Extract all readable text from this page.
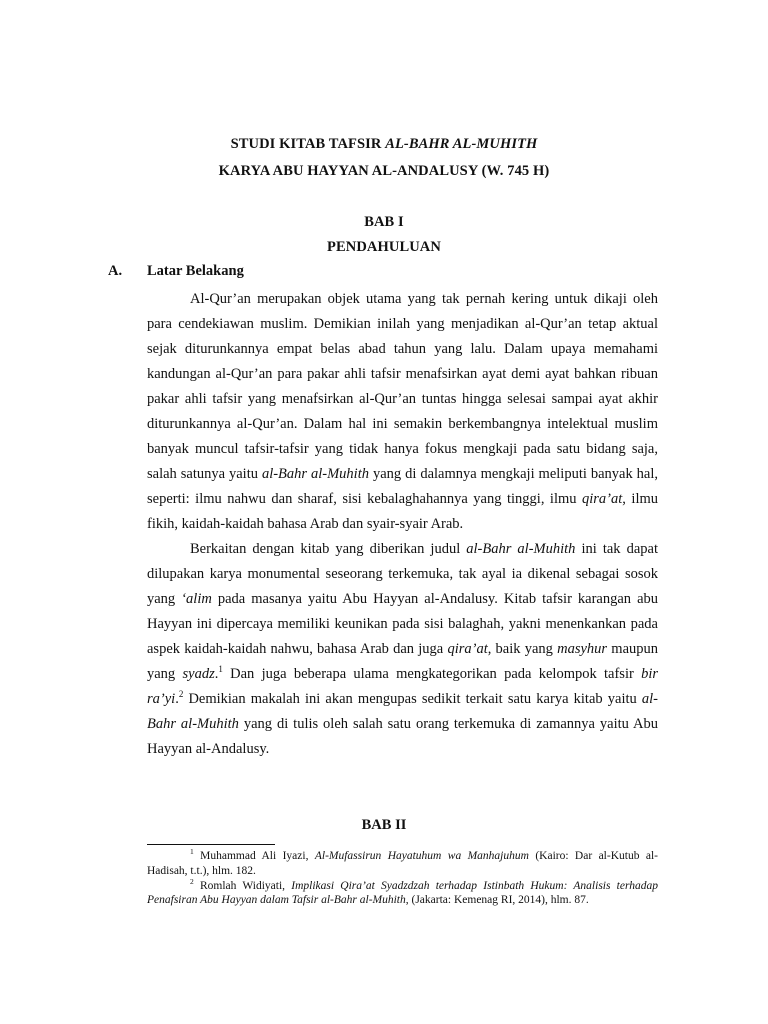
STUDI KITAB TAFSIR AL-BAHR AL-MUHITH
KARYA ABU HAYYAN AL-ANDALUSY (W. 745 H)
BAB I
PENDAHULUAN
A. Latar Belakang

Al-Qur’an merupakan objek utama yang tak pernah kering untuk dikaji oleh para cendekiawan muslim. Demikian inilah yang menjadikan al-Qur’an tetap aktual sejak diturunkannya empat belas abad tahun yang lalu. Dalam upaya memahami kandungan al-Qur’an para pakar ahli tafsir menafsirkan ayat demi ayat bahkan ribuan pakar ahli tafsir yang menafsirkan al-Qur’an tuntas hingga selesai sampai ayat akhir diturunkannya al-Qur’an. Dalam hal ini semakin berkembangnya intelektual muslim banyak muncul tafsir-tafsir yang tidak hanya fokus mengkaji pada satu bidang saja, salah satunya yaitu al-Bahr al-Muhith yang di dalamnya mengkaji meliputi banyak hal, seperti: ilmu nahwu dan sharaf, sisi kebalaghahannya yang tinggi, ilmu qira’at, ilmu fikih, kaidah-kaidah bahasa Arab dan syair-syair Arab.

Berkaitan dengan kitab yang diberikan judul al-Bahr al-Muhith ini tak dapat dilupakan karya monumental seseorang terkemuka, tak ayal ia dikenal sebagai sosok yang ‘alim pada masanya yaitu Abu Hayyan al-Andalusy. Kitab tafsir karangan abu Hayyan ini dipercaya memiliki keunikan pada sisi balaghah, yakni menenkankan pada aspek kaidah-kaidah nahwu, bahasa Arab dan juga qira’at, baik yang masyhur maupun yang syadz.$^1$ Dan juga beberapa ulama mengkategorikan pada kelompok tafsir bir ra’yi.$^2$ Demikian makalah ini akan mengupas sedikit terkait satu karya kitab yaitu al-Bahr al-Muhith yang di tulis oleh salah satu orang terkemuka di zamannya yaitu Abu Hayyan al-Andalusy.

BAB II

$^1$ Muhammad Ali Iyazi, Al-Mufassirun Hayatuhum wa Manhajuhum (Kairo: Dar al-Kutub al-Hadisah, t.t.), hlm. 182.

$^2$ Romlah Widiyati, Implikasi Qira’at Syadzdzah terhadap Istinbath Hukum: Analisis terhadap Penafsiran Abu Hayyan dalam Tafsir al-Bahr al-Muhith, (Jakarta: Kemenag RI, 2014), hlm. 87.
